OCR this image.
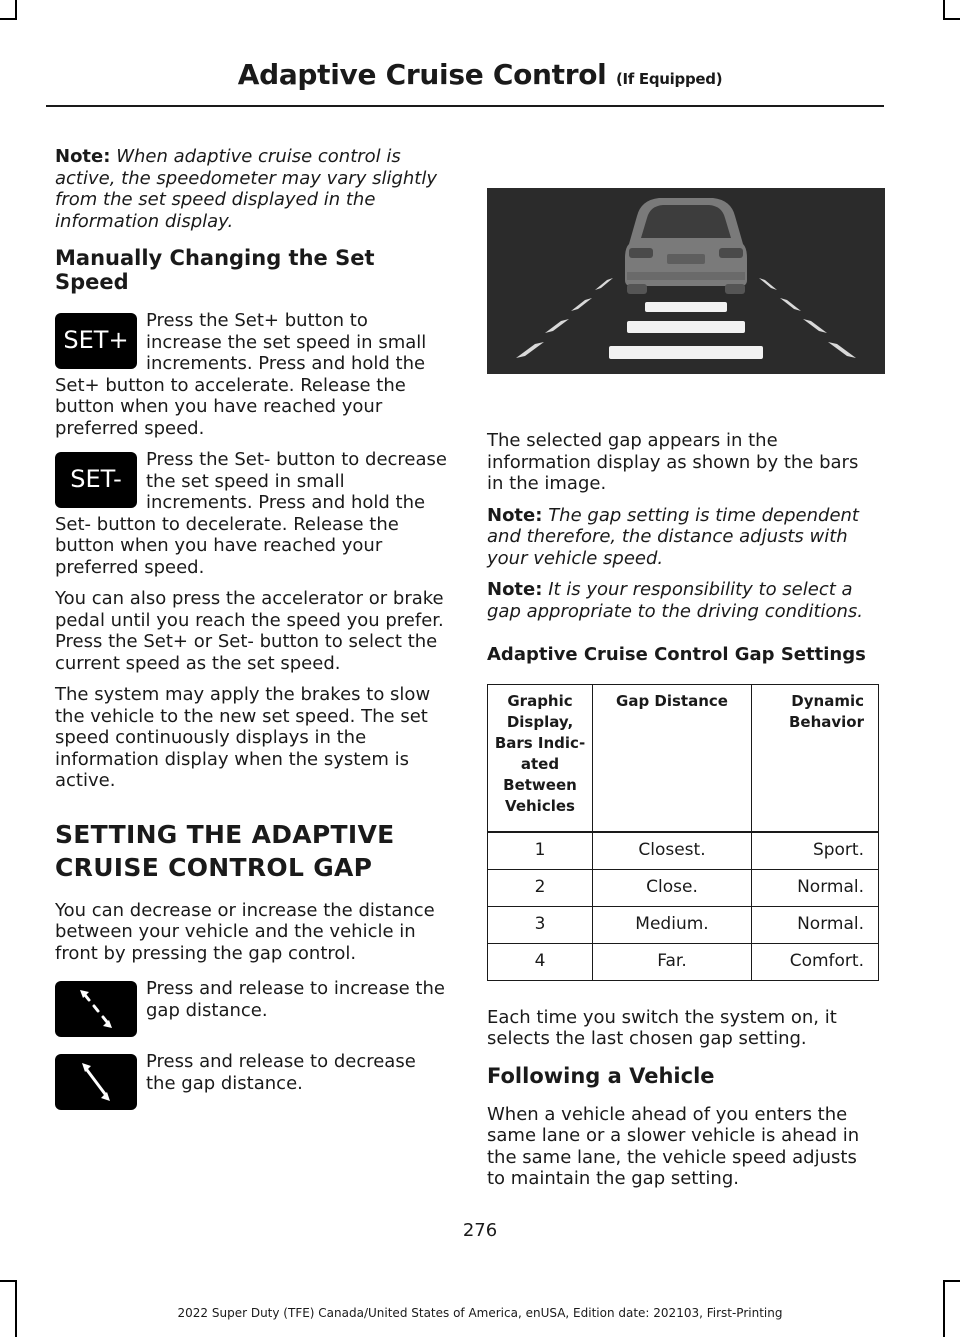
Adaptive Cruise Control (If Equipped)

Note: When adaptive cruise control is active, the speedometer may vary slightly from the set speed displayed in the information display.

Manually Changing the Set Speed
SET+
Press the Set+ button to increase the set speed in small increments. Press and hold the Set+ button to accelerate. Release the button when you have reached your preferred speed.
SET-
Press the Set- button to decrease the set speed in small increments. Press and hold the Set- button to decelerate. Release the button when you have reached your preferred speed.

You can also press the accelerator or brake pedal until you reach the speed you prefer. Press the Set+ or Set- button to select the current speed as the set speed.

The system may apply the brakes to slow the vehicle to the new set speed. The set speed continuously displays in the information display when the system is active.

SETTING THE ADAPTIVE
CRUISE CONTROL GAP

You can decrease or increase the distance between your vehicle and the vehicle in front by pressing the gap control.

Press and release to increase the gap distance.
Press and release to decrease the gap distance.

The selected gap appears in the information display as shown by the bars in the image.

Note: The gap setting is time dependent and therefore, the distance adjusts with your vehicle speed.

Note: It is your responsibility to select a gap appropriate to the driving conditions.

Adaptive Cruise Control Gap Settings
Graphic Display, Bars Indic-ated Between Vehicles	Gap Distance	Dynamic Behavior
1	Closest.	Sport.
2	Close.	Normal.
3	Medium.	Normal.
4	Far.	Comfort.

Each time you switch the system on, it selects the last chosen gap setting.

Following a Vehicle

When a vehicle ahead of you enters the same lane or a slower vehicle is ahead in the same lane, the vehicle speed adjusts to maintain the gap setting.

276
2022 Super Duty (TFE) Canada/United States of America, enUSA, Edition date: 202103, First-Printing
